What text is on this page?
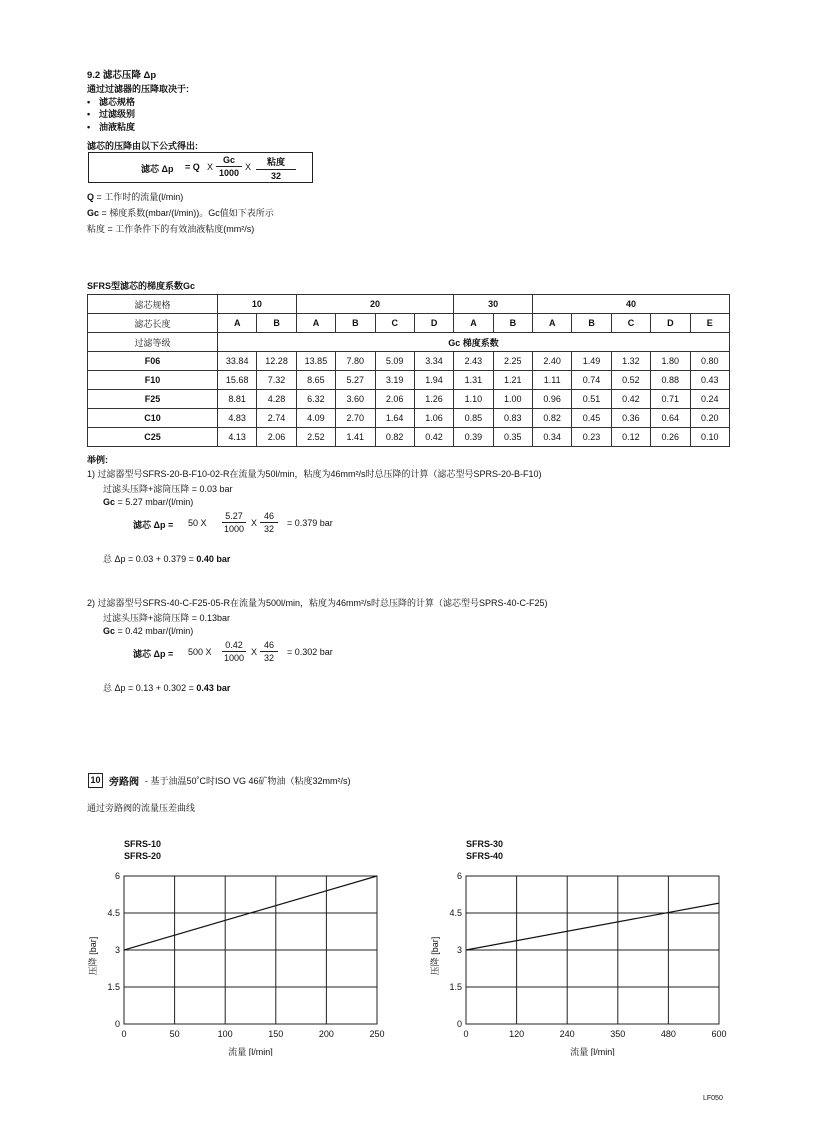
9.2 滤芯压降 Δp
通过过滤器的压降取决于:
• 滤芯规格
• 过滤级别
• 油液粘度
滤芯的压降由以下公式得出:
滤芯 Δp = Q X $\frac{Gc}{1000}$ X	粘度
32
Q = 工作时的流量(l/min)
Gc = 梯度系数(mbar/(l/min))。Gc值如下表所示
粘度 = 工作条件下的有效油液粘度(mm²/s)
SFRS型滤芯的梯度系数Gc
滤芯规格	10		20				30		40				
滤芯长度	A	B	A	B	C	D	A	B	A	B	C	D	E
过滤等级	Gc 梯度系数												
F06	33.84	12.28	13.85	7.80	5.09	3.34	2.43	2.25	2.40	1.49	1.32	1.80	0.80
F10	15.68	7.32	8.65	5.27	3.19	1.94	1.31	1.21	1.11	0.74	0.52	0.88	0.43
F25	8.81	4.28	6.32	3.60	2.06	1.26	1.10	1.00	0.96	0.51	0.42	0.71	0.24
C10	4.83	2.74	4.09	2.70	1.64	1.06	0.85	0.83	0.82	0.45	0.36	0.64	0.20
C25	4.13	2.06	2.52	1.41	0.82	0.42	0.39	0.35	0.34	0.23	0.12	0.26	0.10
举例:
1) 过滤器型号SFRS-20-B-F10-02-R在流量为50l/min，粘度为46mm²/s时总压降的计算（滤芯型号SPRS-20-B-F10)
过滤头压降+滤筒压降 = 0.03 bar
Gc = 5.27 mbar/(l/min)
滤芯 Δp = 50 X $\frac{5.27}{1000}$ X $\frac{46}{32} = 0.379$ bar
总 Δp = 0.03 + 0.379 = 0.40 bar
2) 过滤器型号SFRS-40-C-F25-05-R在流量为500l/min，粘度为46mm²/s时总压降的计算（滤芯型号SPRS-40-C-F25)
过滤头压降+滤筒压降 = 0.13bar
Gc = 0.42 mbar/(l/min)
滤芯 Δp = 500 X $\frac{0.42}{1000}$ X $\frac{46}{32} = 0.302$ bar
总 Δp = 0.13 + 0.302 = 0.43 bar
10 旁路阀 - 基于油温50˚C时ISO VG 46矿物油（粘度32mm²/s)
通过旁路阀的流量压差曲线
SFRS-10
SFRS-20
0	50	100	150	200	250
0
1.5
3
4.5
6
流量 [l/min]
压降 [bar]
SFRS-30
SFRS-40
0	120	240	350	480	600
0
1.5
3
4.5
6
流量 [l/min]
压降 [bar]
LF050
